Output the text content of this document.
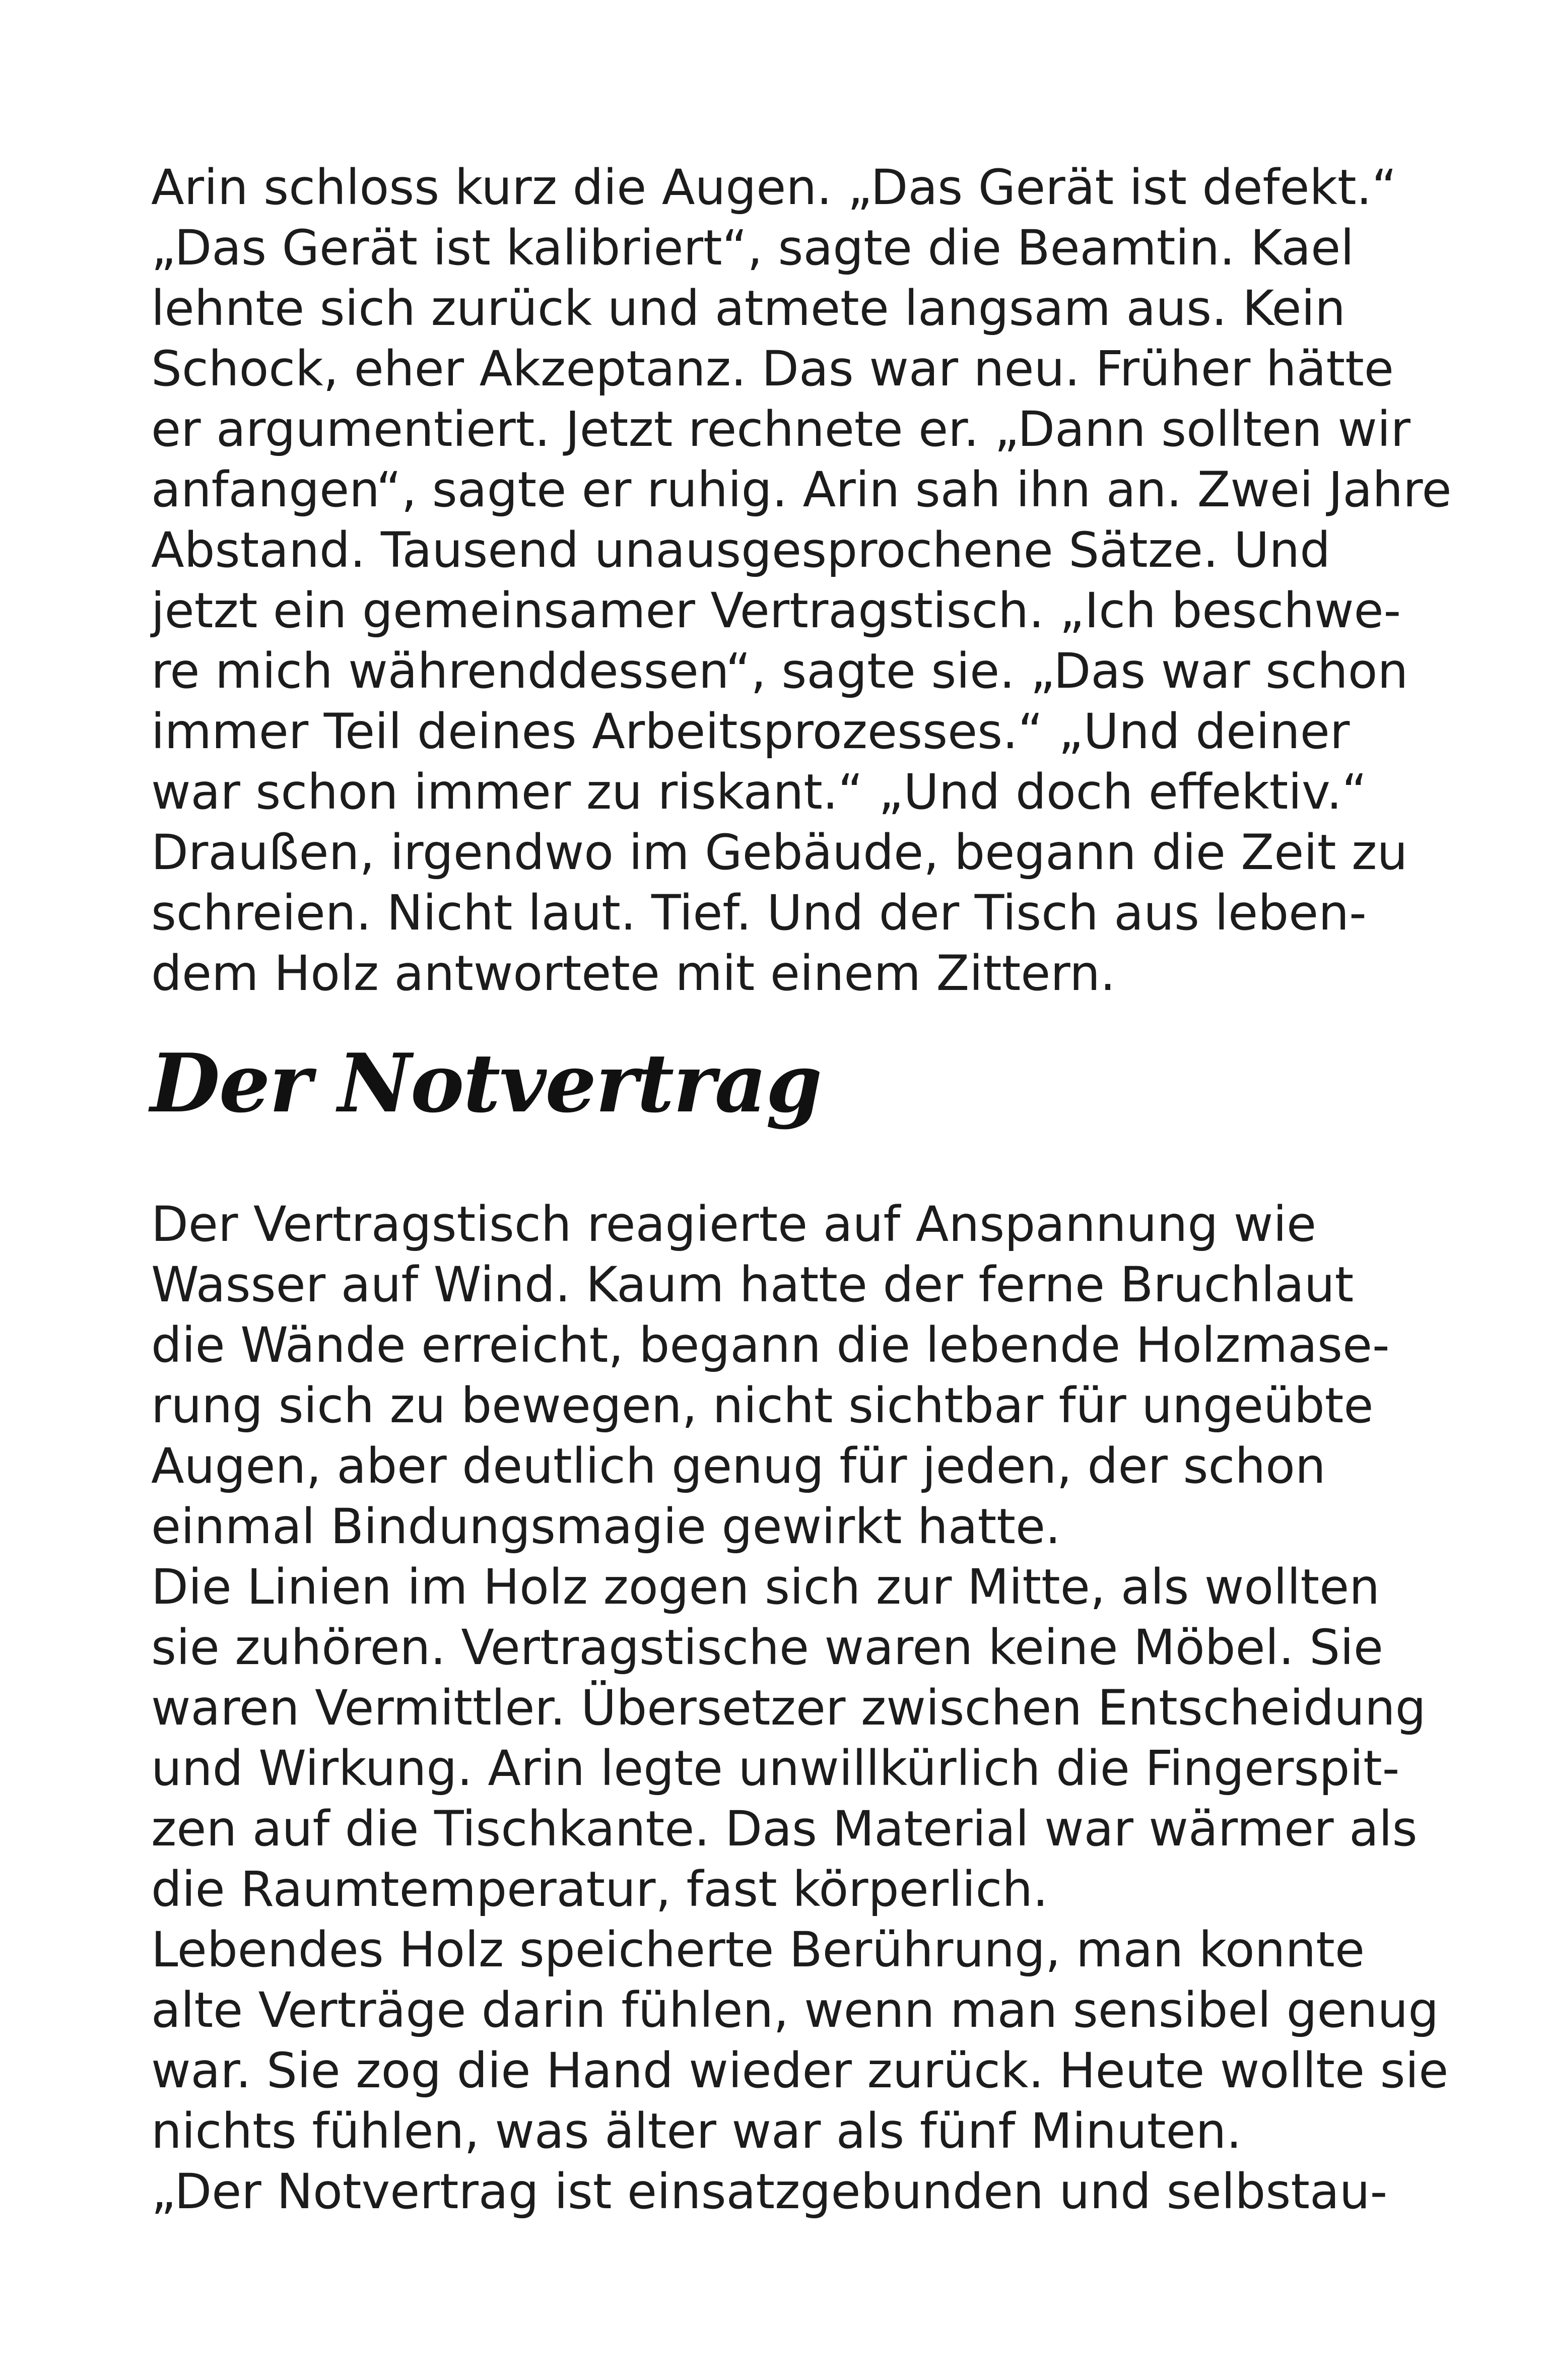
Arin schloss kurz die Augen. „Das Gerät ist defekt.“
„Das Gerät ist kalibriert“, sagte die Beamtin. Kael
lehnte sich zurück und atmete langsam aus. Kein
Schock, eher Akzeptanz. Das war neu. Früher hätte
er argumentiert. Jetzt rechnete er. „Dann sollten wir
anfangen“, sagte er ruhig. Arin sah ihn an. Zwei Jahre
Abstand. Tausend unausgesprochene Sätze. Und
jetzt ein gemeinsamer Vertragstisch. „Ich beschwe-
re mich währenddessen“, sagte sie. „Das war schon
immer Teil deines Arbeitsprozesses.“ „Und deiner
war schon immer zu riskant.“ „Und doch effektiv.“
Draußen, irgendwo im Gebäude, begann die Zeit zu
schreien. Nicht laut. Tief. Und der Tisch aus leben-
dem Holz antwortete mit einem Zittern.
Der Notvertrag
Der Vertragstisch reagierte auf Anspannung wie
Wasser auf Wind. Kaum hatte der ferne Bruchlaut
die Wände erreicht, begann die lebende Holzmase-
rung sich zu bewegen, nicht sichtbar für ungeübte
Augen, aber deutlich genug für jeden, der schon
einmal Bindungsmagie gewirkt hatte.
Die Linien im Holz zogen sich zur Mitte, als wollten
sie zuhören. Vertragstische waren keine Möbel. Sie
waren Vermittler. Übersetzer zwischen Entscheidung
und Wirkung. Arin legte unwillkürlich die Fingerspit-
zen auf die Tischkante. Das Material war wärmer als
die Raumtemperatur, fast körperlich.
Lebendes Holz speicherte Berührung, man konnte
alte Verträge darin fühlen, wenn man sensibel genug
war. Sie zog die Hand wieder zurück. Heute wollte sie
nichts fühlen, was älter war als fünf Minuten.
„Der Notvertrag ist einsatzgebunden und selbstau-
